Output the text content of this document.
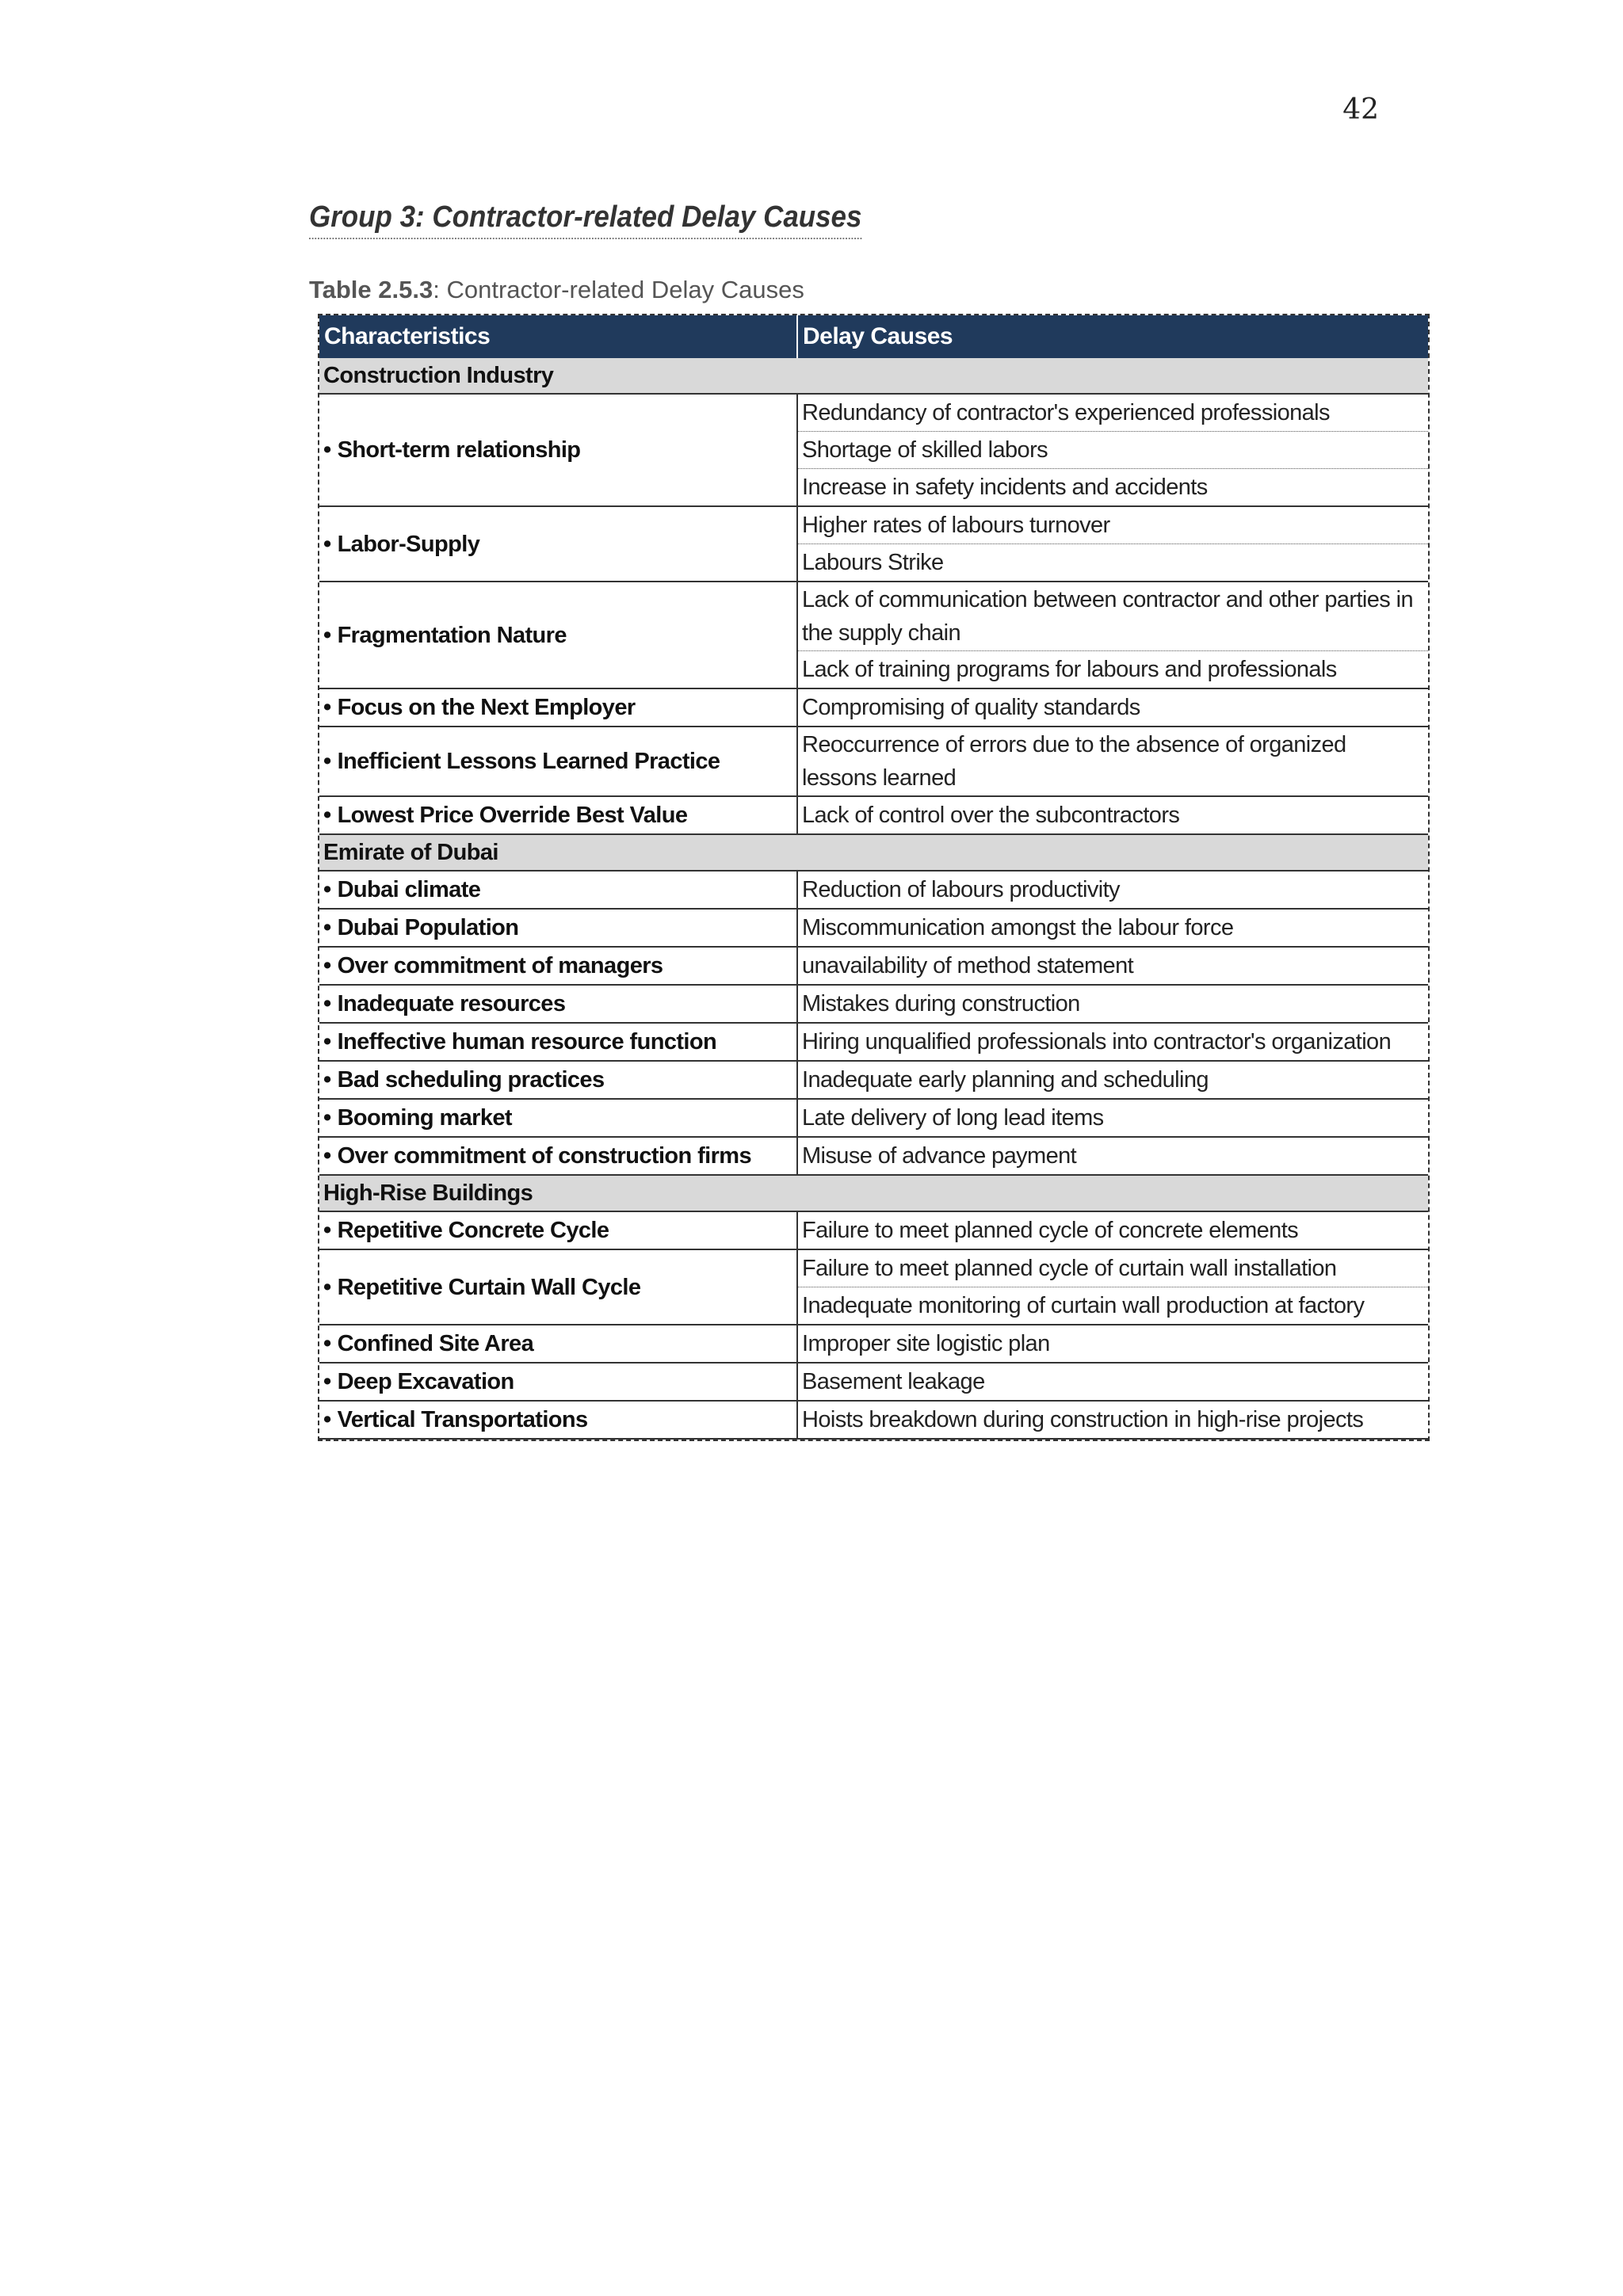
42
Group 3: Contractor-related Delay Causes
Table 2.5.3: Contractor-related Delay Causes
Characteristics	Delay Causes
Construction Industry	
• Short-term relationship	Redundancy of contractor's experienced professionals
	Shortage of skilled labors
	Increase in safety incidents and accidents
• Labor-Supply	Higher rates of labours turnover
	Labours Strike
• Fragmentation Nature	Lack of communication between contractor and other parties in the supply chain
	Lack of training programs for labours and professionals
• Focus on the Next Employer	Compromising of quality standards
• Inefficient Lessons Learned Practice	Reoccurrence of errors due to the absence of organized lessons learned
• Lowest Price Override Best Value	Lack of control over the subcontractors
Emirate of Dubai	
• Dubai climate	Reduction of labours productivity
• Dubai Population	Miscommunication amongst the labour force
• Over commitment of managers	unavailability of method statement
• Inadequate resources	Mistakes during construction
• Ineffective human resource function	Hiring unqualified professionals into contractor's organization
• Bad scheduling practices	Inadequate early planning and scheduling
• Booming market	Late delivery of long lead items
• Over commitment of construction firms	Misuse of advance payment
High-Rise Buildings	
• Repetitive Concrete Cycle	Failure to meet planned cycle of concrete elements
• Repetitive Curtain Wall Cycle	Failure to meet planned cycle of curtain wall installation
	Inadequate monitoring of curtain wall production at factory
• Confined Site Area	Improper site logistic plan
• Deep Excavation	Basement leakage
• Vertical Transportations	Hoists breakdown during construction in high-rise projects
